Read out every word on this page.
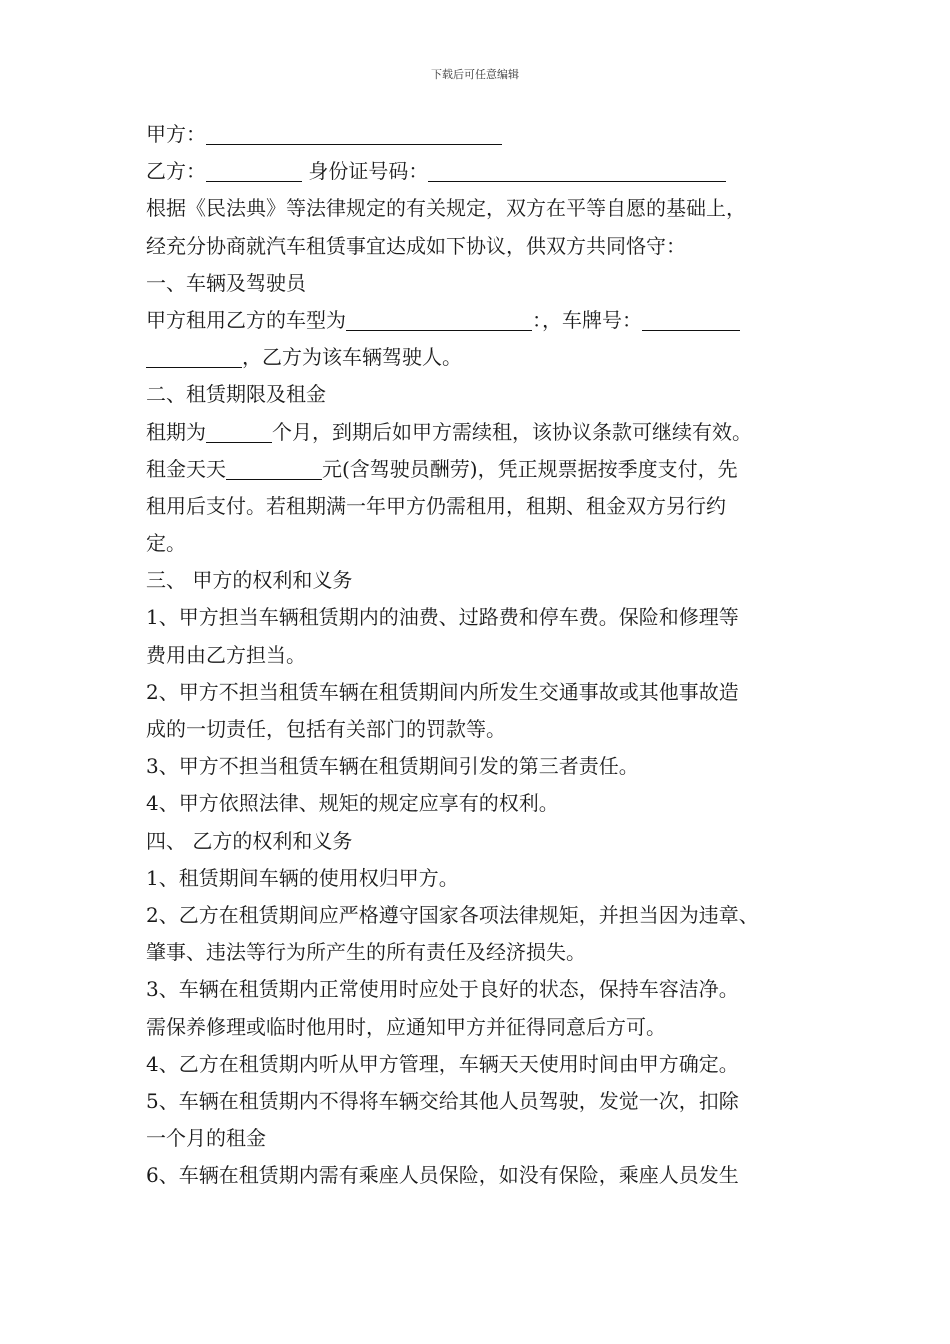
下载后可任意编辑
甲方：
乙方：	身份证号码：
根据《民法典》等法律规定的有关规定，双方在平等自愿的基础上，
经充分协商就汽车租赁事宜达成如下协议，供双方共同恪守：
一、车辆及驾驶员
甲方租用乙方的车型为	：，车牌号：
，乙方为该车辆驾驶人。
二、租赁期限及租金
租期为	个月，到期后如甲方需续租，该协议条款可继续有效。
租金天天	元(含驾驶员酬劳)，凭正规票据按季度支付，先
租用后支付。若租期满一年甲方仍需租用，租期、租金双方另行约
定。
三、 甲方的权利和义务
1、甲方担当车辆租赁期内的油费、过路费和停车费。保险和修理等
费用由乙方担当。
2、甲方不担当租赁车辆在租赁期间内所发生交通事故或其他事故造
成的一切责任，包括有关部门的罚款等。
3、甲方不担当租赁车辆在租赁期间引发的第三者责任。
4、甲方依照法律、规矩的规定应享有的权利。
四、 乙方的权利和义务
1、租赁期间车辆的使用权归甲方。
2、乙方在租赁期间应严格遵守国家各项法律规矩，并担当因为违章、
肇事、违法等行为所产生的所有责任及经济损失。
3、车辆在租赁期内正常使用时应处于良好的状态，保持车容洁净。
需保养修理或临时他用时，应通知甲方并征得同意后方可。
4、乙方在租赁期内听从甲方管理，车辆天天使用时间由甲方确定。
5、车辆在租赁期内不得将车辆交给其他人员驾驶，发觉一次，扣除
一个月的租金
6、车辆在租赁期内需有乘座人员保险，如没有保险，乘座人员发生
